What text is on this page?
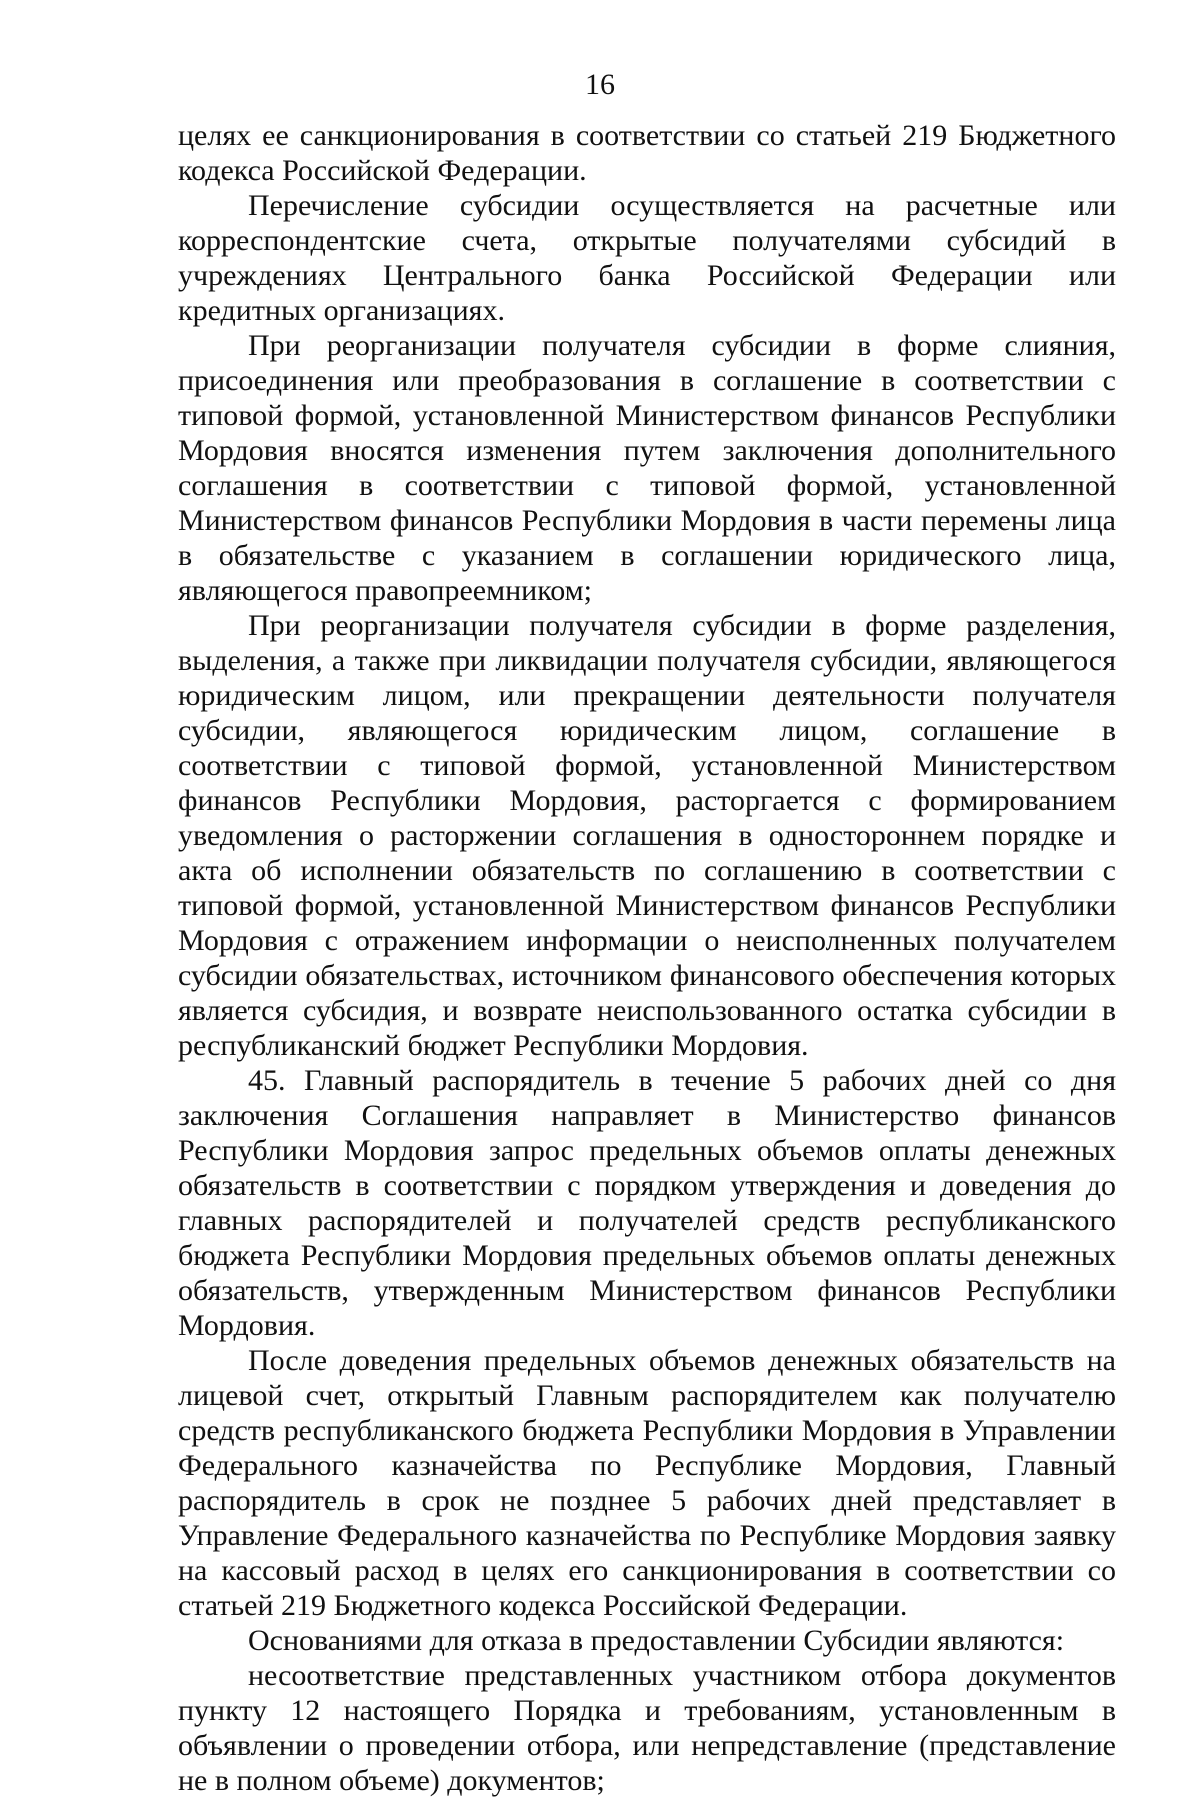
16

целях ее санкционирования в соответствии со статьей 219 Бюджетного кодекса Российской Федерации.

Перечисление субсидии осуществляется на расчетные или корреспондентские счета, открытые получателями субсидий в учреждениях Центрального банка Российской Федерации или кредитных организациях.

При реорганизации получателя субсидии в форме слияния, присоединения или преобразования в соглашение в соответствии с типовой формой, установленной Министерством финансов Республики Мордовия вносятся изменения путем заключения дополнительного соглашения в соответствии с типовой формой, установленной Министерством финансов Республики Мордовия в части перемены лица в обязательстве с указанием в соглашении юридического лица, являющегося правопреемником;

При реорганизации получателя субсидии в форме разделения, выделения, а также при ликвидации получателя субсидии, являющегося юридическим лицом, или прекращении деятельности получателя субсидии, являющегося юридическим лицом, соглашение в соответствии с типовой формой, установленной Министерством финансов Республики Мордовия, расторгается с формированием уведомления о расторжении соглашения в одностороннем порядке и акта об исполнении обязательств по соглашению в соответствии с типовой формой, установленной Министерством финансов Республики Мордовия с отражением информации о неисполненных получателем субсидии обязательствах, источником финансового обеспечения которых является субсидия, и возврате неиспользованного остатка субсидии в республиканский бюджет Республики Мордовия.

45. Главный распорядитель в течение 5 рабочих дней со дня заключения Соглашения направляет в Министерство финансов Республики Мордовия запрос предельных объемов оплаты денежных обязательств в соответствии с порядком утверждения и доведения до главных распорядителей и получателей средств республиканского бюджета Республики Мордовия предельных объемов оплаты денежных обязательств, утвержденным Министерством финансов Республики Мордовия.

После доведения предельных объемов денежных обязательств на лицевой счет, открытый Главным распорядителем как получателю средств республиканского бюджета Республики Мордовия в Управлении Федерального казначейства по Республике Мордовия, Главный распорядитель в срок не позднее 5 рабочих дней представляет в Управление Федерального казначейства по Республике Мордовия заявку на кассовый расход в целях его санкционирования в соответствии со статьей 219 Бюджетного кодекса Российской Федерации.

Основаниями для отказа в предоставлении Субсидии являются:

несоответствие представленных участником отбора документов пункту 12 настоящего Порядка и требованиям, установленным в объявлении о проведении отбора, или непредставление (представление не в полном объеме) документов;
